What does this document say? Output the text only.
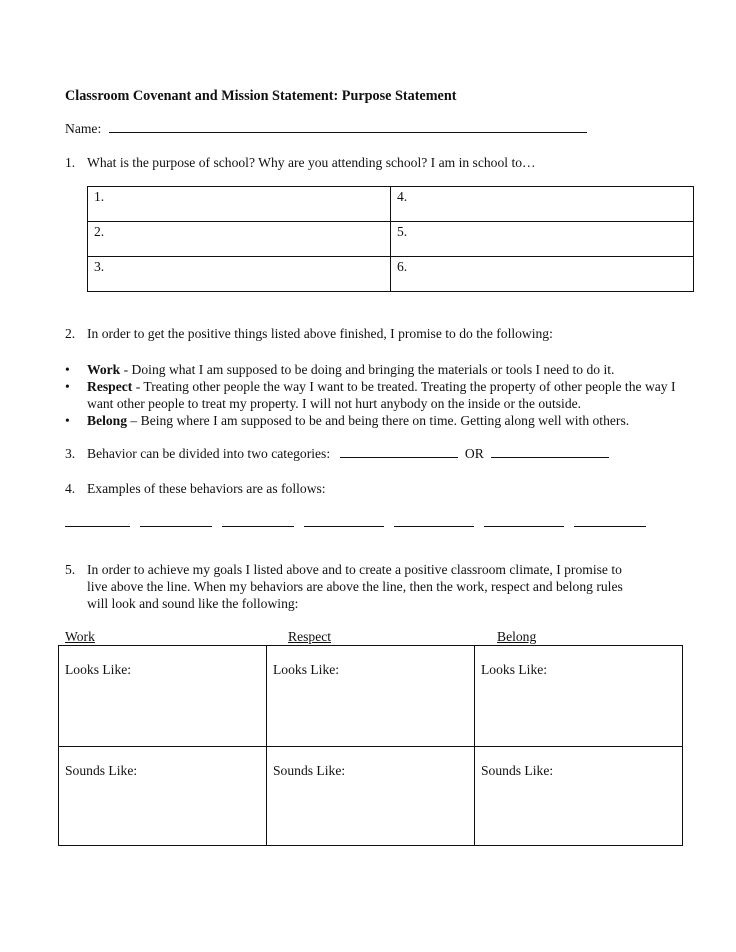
Classroom Covenant and Mission Statement: Purpose Statement
Name:
1. What is the purpose of school? Why are you attending school? I am in school to…
1.	4.
2.	5.
3.	6.
2. In order to get the positive things listed above finished, I promise to do the following:
• Work - Doing what I am supposed to be doing and bringing the materials or tools I need to do it.
• Respect - Treating other people the way I want to be treated. Treating the property of other people the way I want other people to treat my property. I will not hurt anybody on the inside or the outside.
• Belong – Being where I am supposed to be and being there on time. Getting along well with others.
3. Behavior can be divided into two categories:	OR
4. Examples of these behaviors are as follows:
5. In order to achieve my goals I listed above and to create a positive classroom climate, I promise to
live above the line. When my behaviors are above the line, then the work, respect and belong rules
will look and sound like the following:
Work	Respect	Belong
Looks Like:	Looks Like:	Looks Like:
Sounds Like:	Sounds Like:	Sounds Like:
